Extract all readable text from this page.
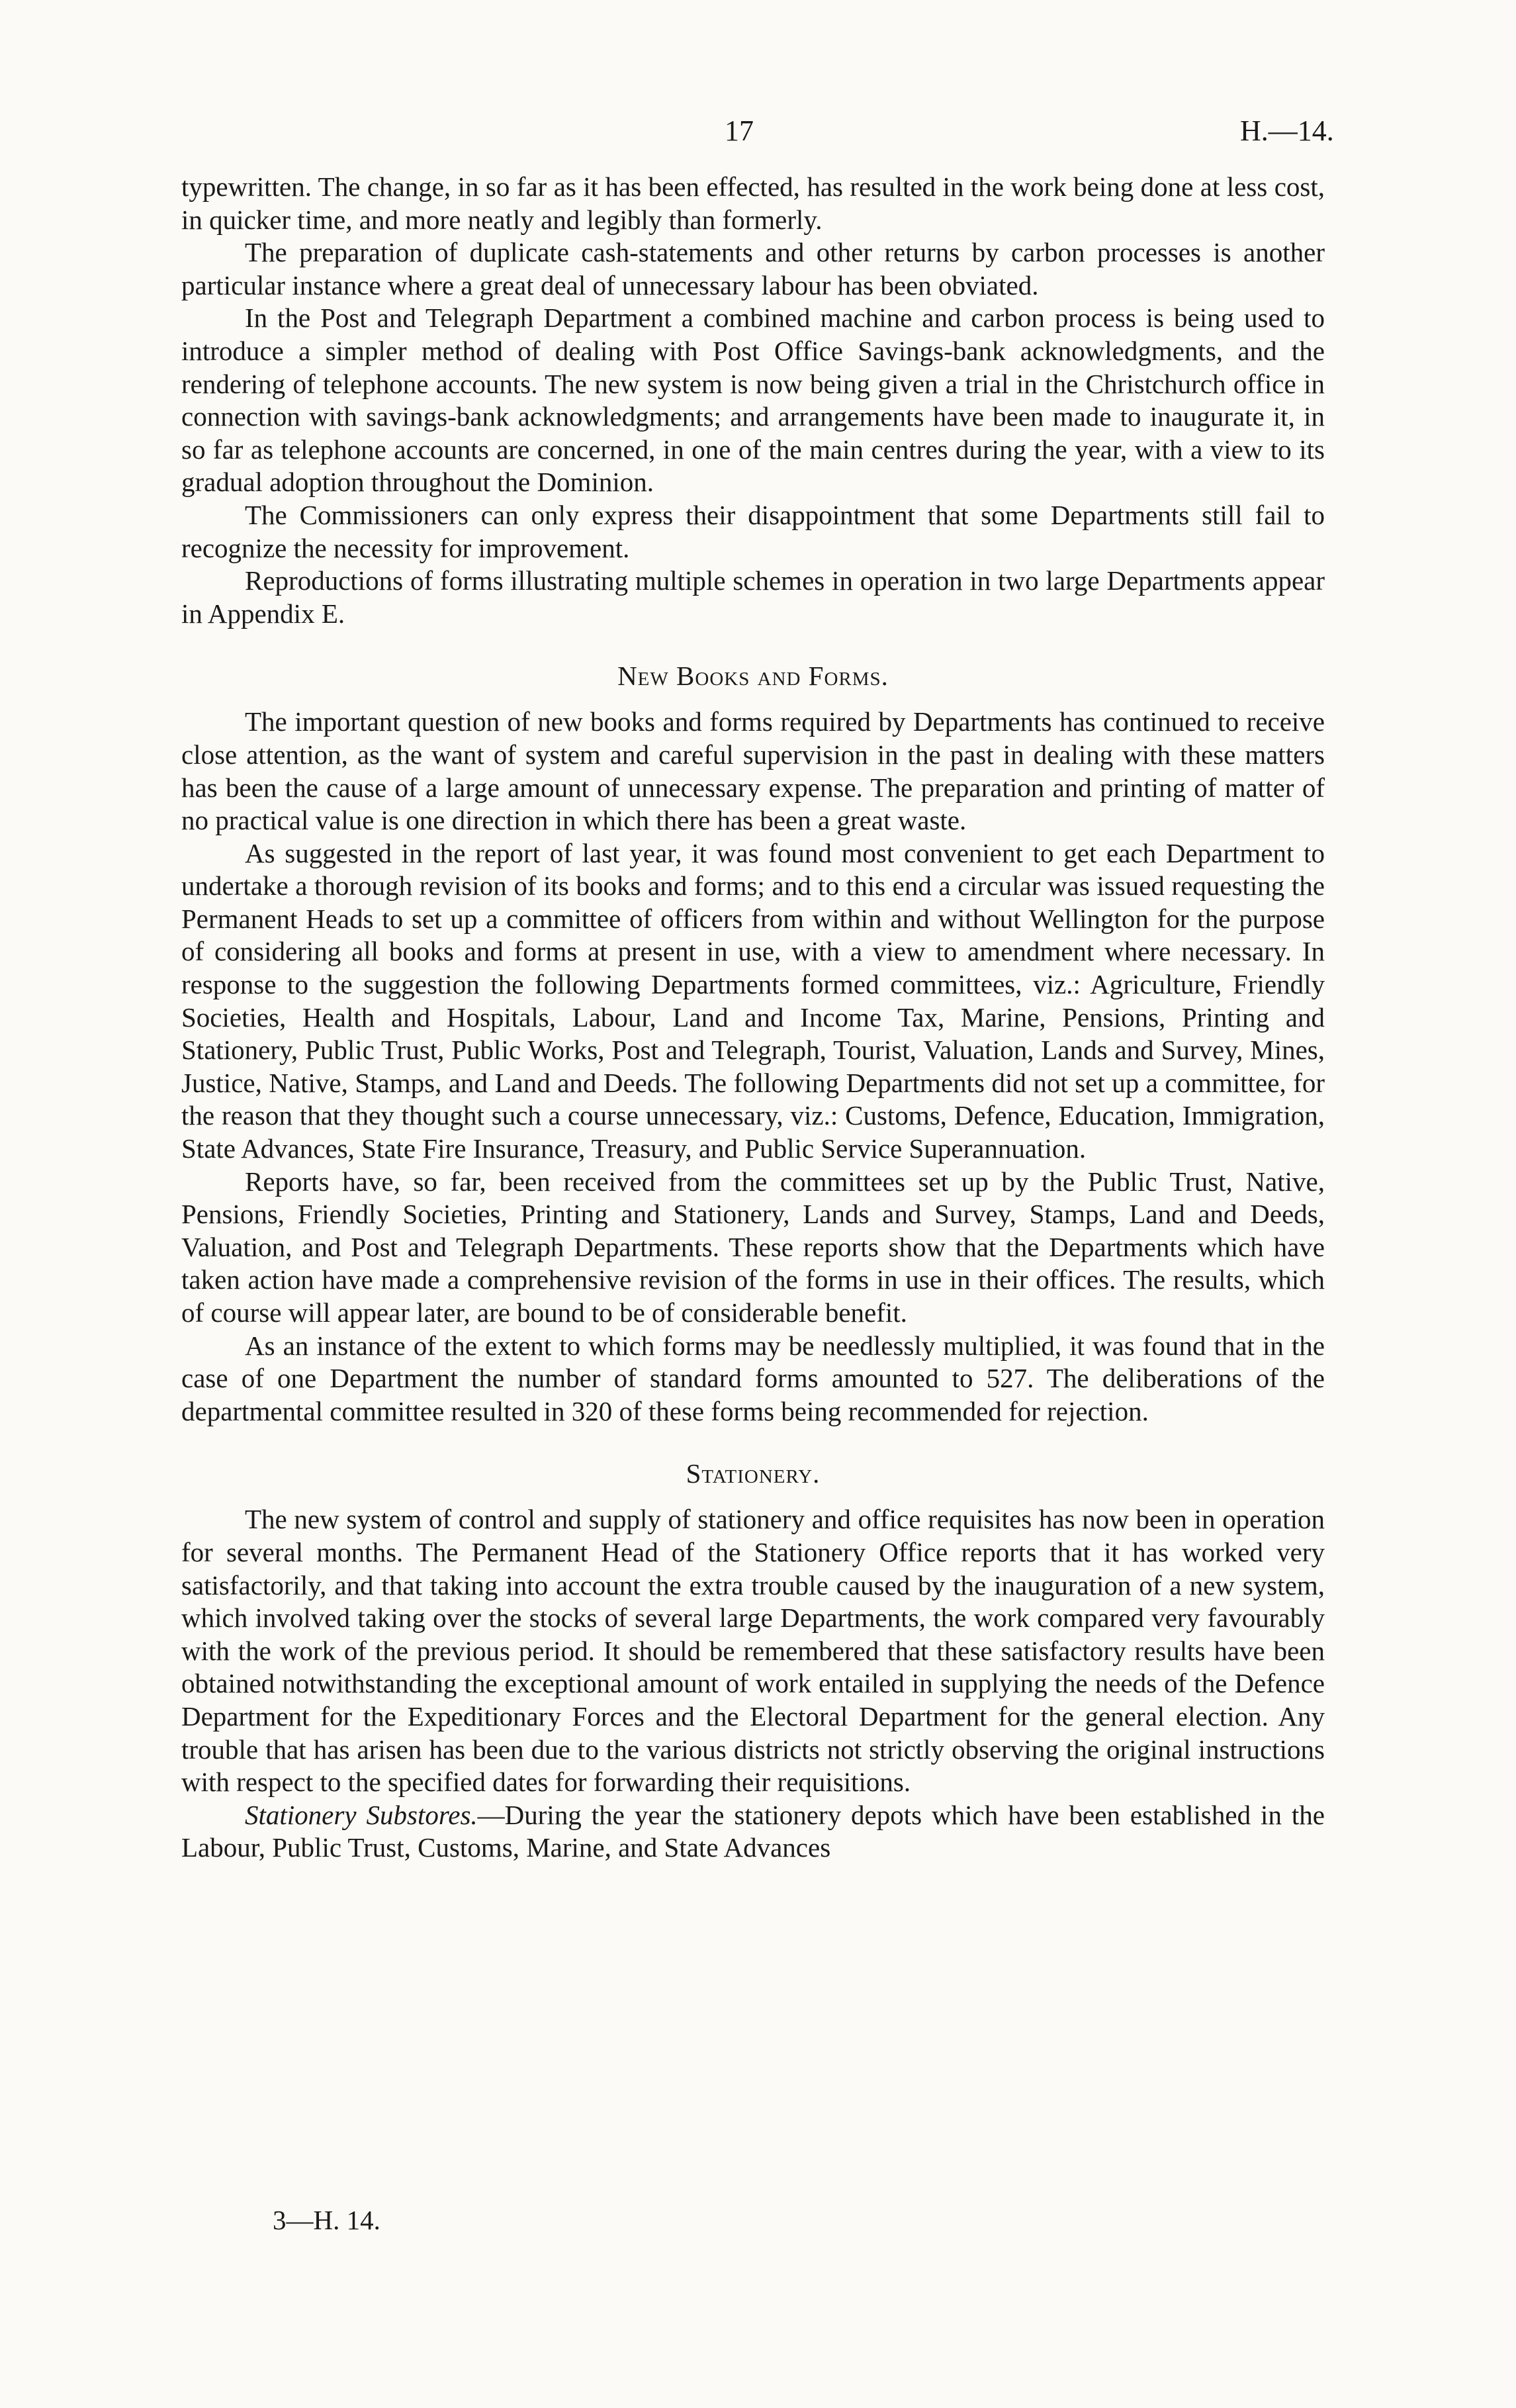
17	H.—14.

typewritten. The change, in so far as it has been effected, has resulted in the work being done at less cost, in quicker time, and more neatly and legibly than formerly.

The preparation of duplicate cash-statements and other returns by carbon processes is another particular instance where a great deal of unnecessary labour has been obviated.

In the Post and Telegraph Department a combined machine and carbon process is being used to introduce a simpler method of dealing with Post Office Savings-bank acknowledgments, and the rendering of telephone accounts. The new system is now being given a trial in the Christchurch office in connection with savings-bank acknowledgments; and arrangements have been made to inaugurate it, in so far as telephone accounts are concerned, in one of the main centres during the year, with a view to its gradual adoption throughout the Dominion.

The Commissioners can only express their disappointment that some Departments still fail to recognize the necessity for improvement.

Reproductions of forms illustrating multiple schemes in operation in two large Departments appear in Appendix E.

New Books and Forms.

The important question of new books and forms required by Departments has continued to receive close attention, as the want of system and careful supervision in the past in dealing with these matters has been the cause of a large amount of unnecessary expense. The preparation and printing of matter of no practical value is one direction in which there has been a great waste.

As suggested in the report of last year, it was found most convenient to get each Department to undertake a thorough revision of its books and forms; and to this end a circular was issued requesting the Permanent Heads to set up a committee of officers from within and without Wellington for the purpose of considering all books and forms at present in use, with a view to amendment where necessary. In response to the suggestion the following Departments formed committees, viz.: Agriculture, Friendly Societies, Health and Hospitals, Labour, Land and Income Tax, Marine, Pensions, Printing and Stationery, Public Trust, Public Works, Post and Telegraph, Tourist, Valuation, Lands and Survey, Mines, Justice, Native, Stamps, and Land and Deeds. The following Departments did not set up a committee, for the reason that they thought such a course unnecessary, viz.: Customs, Defence, Education, Immigration, State Advances, State Fire Insurance, Treasury, and Public Service Superannuation.

Reports have, so far, been received from the committees set up by the Public Trust, Native, Pensions, Friendly Societies, Printing and Stationery, Lands and Survey, Stamps, Land and Deeds, Valuation, and Post and Telegraph Departments. These reports show that the Departments which have taken action have made a comprehensive revision of the forms in use in their offices. The results, which of course will appear later, are bound to be of considerable benefit.

As an instance of the extent to which forms may be needlessly multiplied, it was found that in the case of one Department the number of standard forms amounted to 527. The deliberations of the departmental committee resulted in 320 of these forms being recommended for rejection.

Stationery.

The new system of control and supply of stationery and office requisites has now been in operation for several months. The Permanent Head of the Stationery Office reports that it has worked very satisfactorily, and that taking into account the extra trouble caused by the inauguration of a new system, which involved taking over the stocks of several large Departments, the work compared very favourably with the work of the previous period. It should be remembered that these satisfactory results have been obtained notwithstanding the exceptional amount of work entailed in supplying the needs of the Defence Department for the Expeditionary Forces and the Electoral Department for the general election. Any trouble that has arisen has been due to the various districts not strictly observing the original instructions with respect to the specified dates for forwarding their requisitions.

Stationery Substores.—During the year the stationery depots which have been established in the Labour, Public Trust, Customs, Marine, and State Advances

3—H. 14.
